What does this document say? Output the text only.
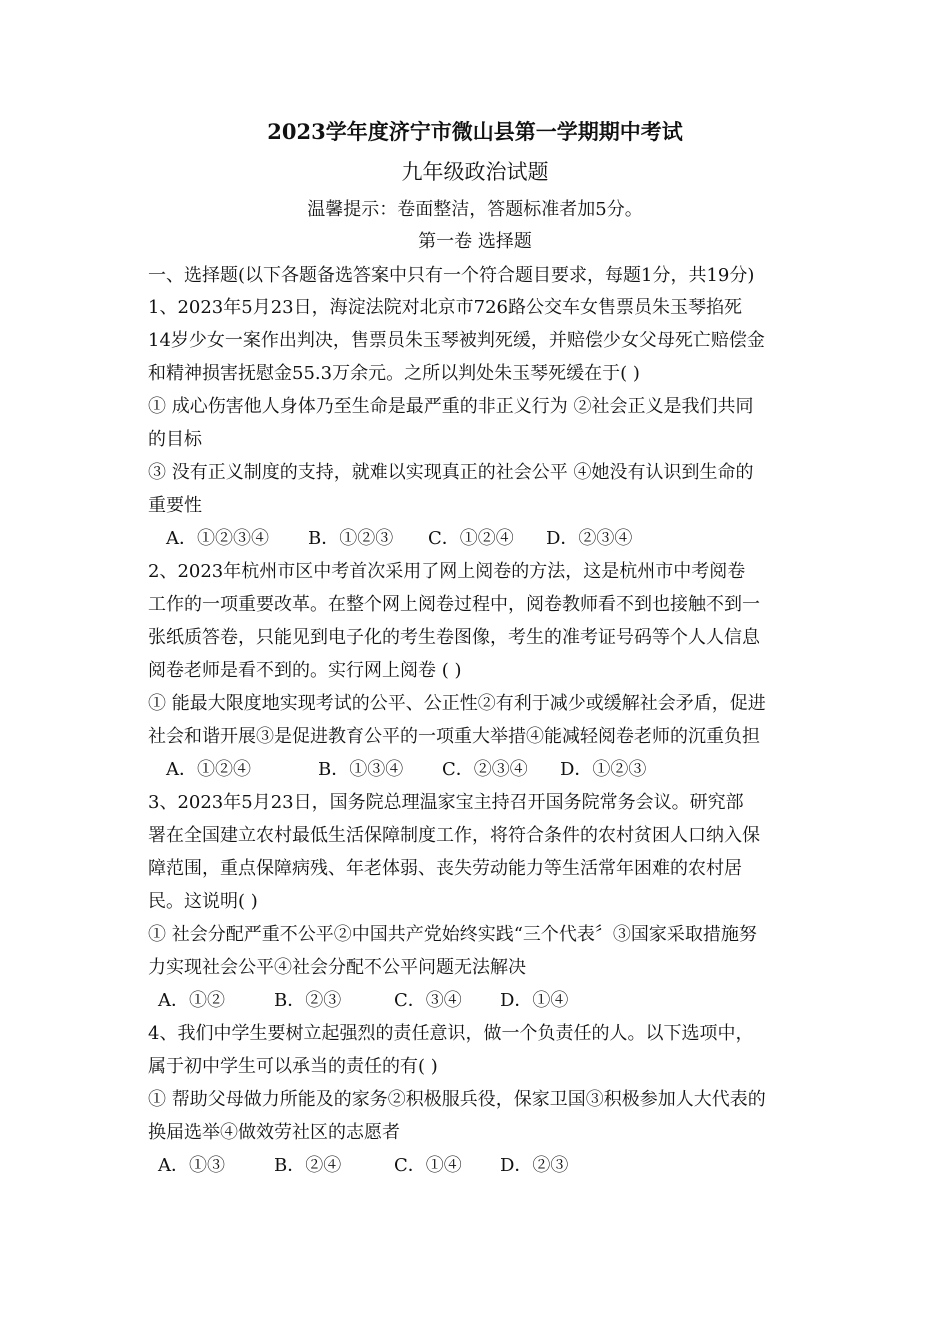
2023学年度济宁市微山县第一学期期中考试
九年级政治试题
温馨提示：卷面整洁，答题标准者加5分。
第一卷 选择题
一、选择题(以下各题备选答案中只有一个符合题目要求，每题1分，共19分)
1、2023年5月23日，海淀法院对北京市726路公交车女售票员朱玉琴掐死
14岁少女一案作出判决，售票员朱玉琴被判死缓，并赔偿少女父母死亡赔偿金
和精神损害抚慰金55.3万余元。之所以判处朱玉琴死缓在于( )
① 成心伤害他人身体乃至生命是最严重的非正义行为 ②社会正义是我们共同
的目标
③ 没有正义制度的支持，就难以实现真正的社会公平 ④她没有认识到生命的
重要性
A．①②③④ B．①②③ C．①②④ D．②③④
2、2023年杭州市区中考首次采用了网上阅卷的方法，这是杭州市中考阅卷
工作的一项重要改革。在整个网上阅卷过程中，阅卷教师看不到也接触不到一
张纸质答卷，只能见到电子化的考生卷图像，考生的准考证号码等个人人信息
阅卷老师是看不到的。实行网上阅卷 ( )
① 能最大限度地实现考试的公平、公正性②有利于减少或缓解社会矛盾，促进
社会和谐开展③是促进教育公平的一项重大举措④能减轻阅卷老师的沉重负担
A．①②④	B．①③④ C．②③④ D．①②③
3、2023年5月23日，国务院总理温家宝主持召开国务院常务会议。研究部
署在全国建立农村最低生活保障制度工作，将符合条件的农村贫困人口纳入保
障范围，重点保障病残、年老体弱、丧失劳动能力等生活常年困难的农村居
民。这说明( )
① 社会分配严重不公平②中国共产党始终实践“三个代表〞③国家采取措施努
力实现社会公平④社会分配不公平问题无法解决
A．①②	B．②③	C．③④ D．①④
4、我们中学生要树立起强烈的责任意识，做一个负责任的人。以下选项中，
属于初中学生可以承当的责任的有( )
① 帮助父母做力所能及的家务②积极服兵役，保家卫国③积极参加人大代表的
换届选举④做效劳社区的志愿者
A．①③	B．②④	C．①④ D．②③
